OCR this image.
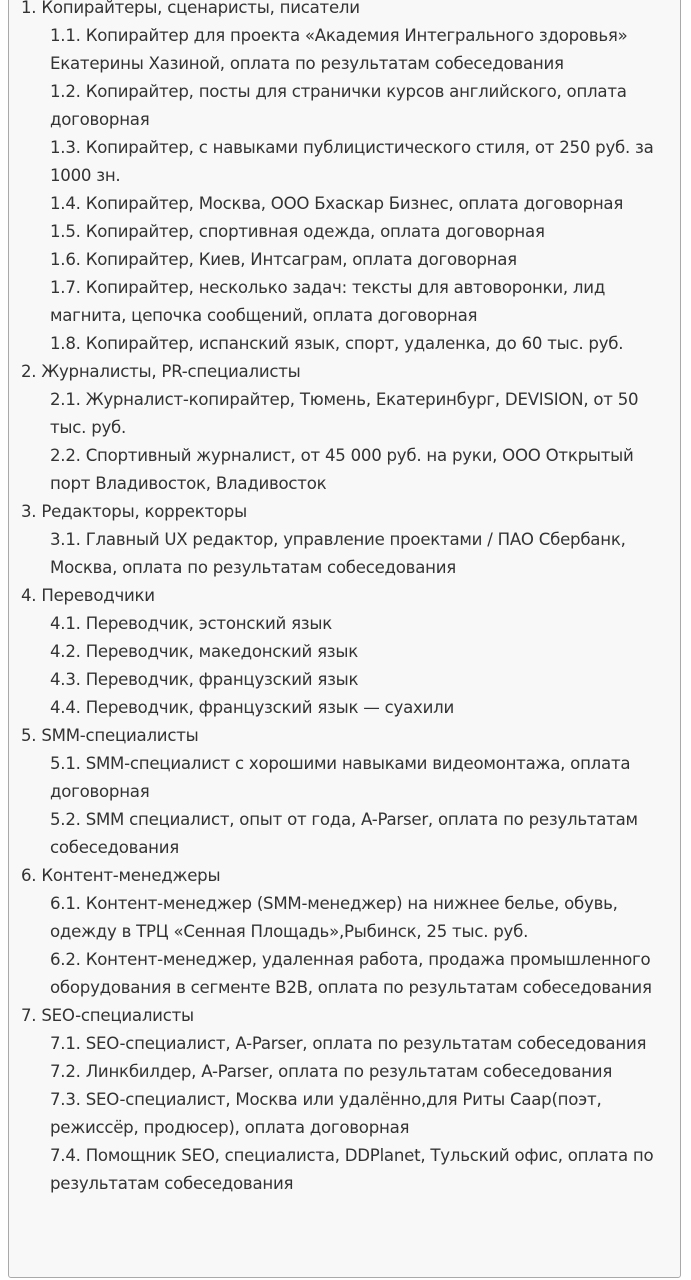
1. Копирайтеры, сценаристы, писатели
1.1. Копирайтер для проекта «Академия Интегрального здоровья» Екатерины Хазиной, оплата по результатам собеседования
1.2. Копирайтер, посты для странички курсов английского, оплата договорная
1.3. Копирайтер, с навыками публицистического стиля, от 250 руб. за 1000 зн.
1.4. Копирайтер, Москва, ООО Бхаскар Бизнес, оплата договорная
1.5. Копирайтер, спортивная одежда, оплата договорная
1.6. Копирайтер, Киев, Интсаграм, оплата договорная
1.7. Копирайтер, несколько задач: тексты для автоворонки, лид магнита, цепочка сообщений, оплата договорная
1.8. Копирайтер, испанский язык, спорт, удаленка, до 60 тыс. руб.
2. Журналисты, PR-специалисты
2.1. Журналист-копирайтер, Тюмень, Екатеринбург, DEVISION, от 50 тыс. руб.
2.2. Спортивный журналист, от 45 000 руб. на руки, ООО Открытый порт Владивосток, Владивосток
3. Редакторы, корректоры
3.1. Главный UX редактор, управление проектами / ПАО Сбербанк, Москва, оплата по результатам собеседования
4. Переводчики
4.1. Переводчик, эстонский язык
4.2. Переводчик, македонский язык
4.3. Переводчик, французский язык
4.4. Переводчик, французский язык — суахили
5. SMM-специалисты
5.1. SMM-специалист с хорошими навыками видеомонтажа, оплата договорная
5.2. SMM специалист, опыт от года, A-Parser, оплата по результатам собеседования
6. Контент-менеджеры
6.1. Контент-менеджер (SMM-менеджер) на нижнее белье, обувь, одежду в ТРЦ «Сенная Площадь»,Рыбинск, 25 тыс. руб.
6.2. Контент-менеджер, удаленная работа, продажа промышленного оборудования в сегменте B2B, оплата по результатам собеседования
7. SEO-специалисты
7.1. SEO-специалист, A-Parser, оплата по результатам собеседования
7.2. Линкбилдер, A-Parser, оплата по результатам собеседования
7.3. SEO-специалист, Москва или удалённо,для Риты Саар(поэт, режиссёр, продюсер), оплата договорная
7.4. Помощник SEO, специалиста, DDPlanet, Тульский офис, оплата по результатам собеседования
